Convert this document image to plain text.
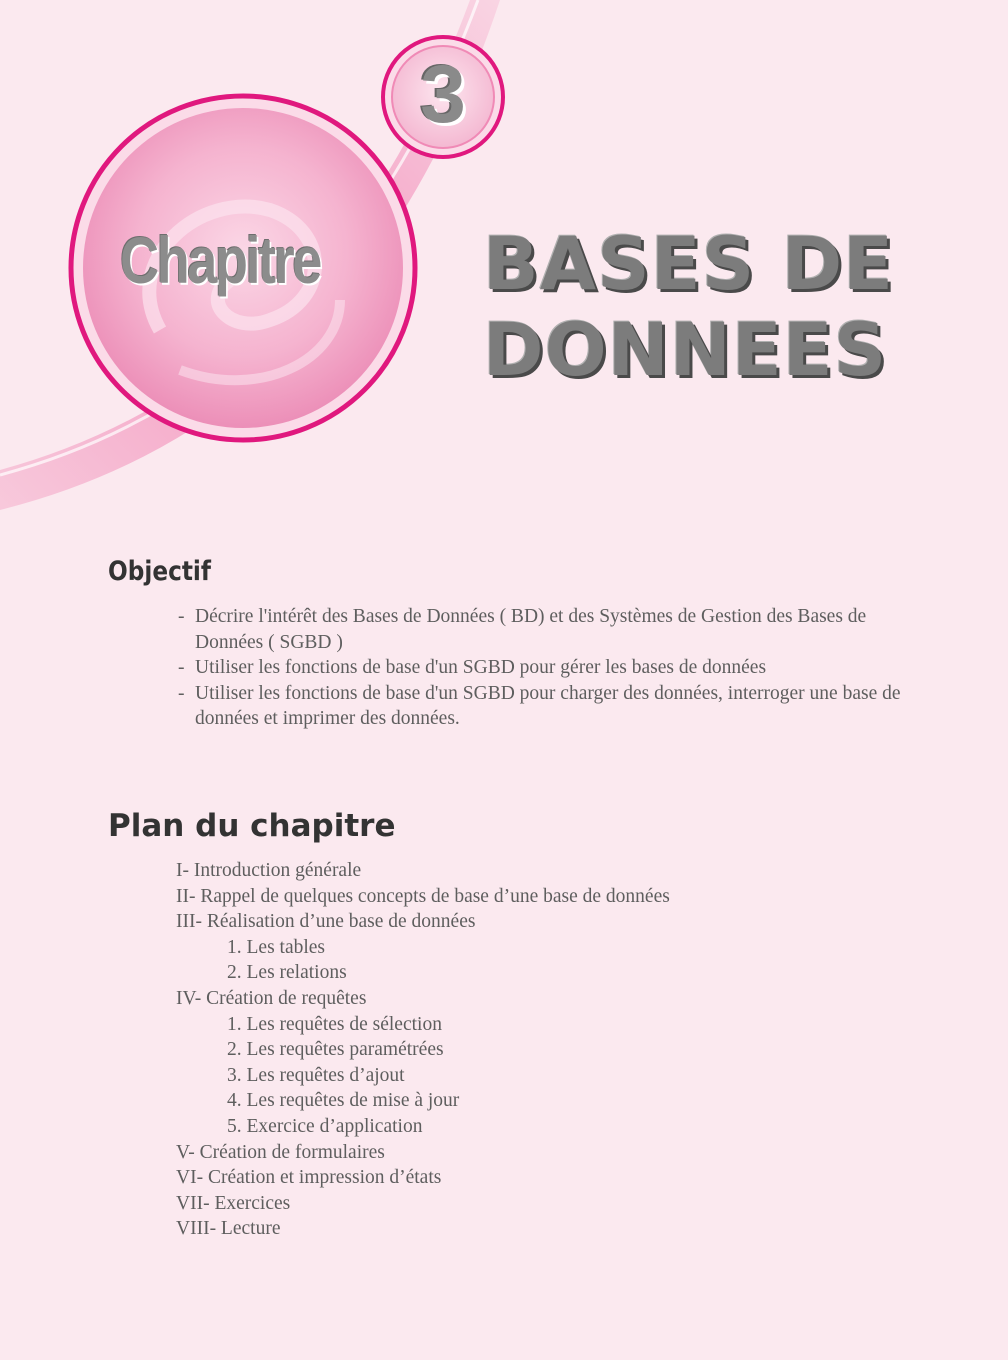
3
Chapitre BASES DE
DONNEES
Objectif
- Décrire l'intérêt des Bases de Données ( BD) et des Systèmes de Gestion des Bases de Données ( SGBD )
- Utiliser les fonctions de base d'un SGBD pour gérer les bases de données
- Utiliser les fonctions de base d'un SGBD pour charger des données, interroger une base de données et imprimer des données.
Plan du chapitre
I- Introduction générale
II- Rappel de quelques concepts de base d’une base de données
III- Réalisation d’une base de données
1. Les tables
2. Les relations
IV- Création de requêtes
1. Les requêtes de sélection
2. Les requêtes paramétrées
3. Les requêtes d’ajout
4. Les requêtes de mise à jour
5. Exercice d’application
V- Création de formulaires
VI- Création et impression d’états
VII- Exercices
VIII- Lecture
